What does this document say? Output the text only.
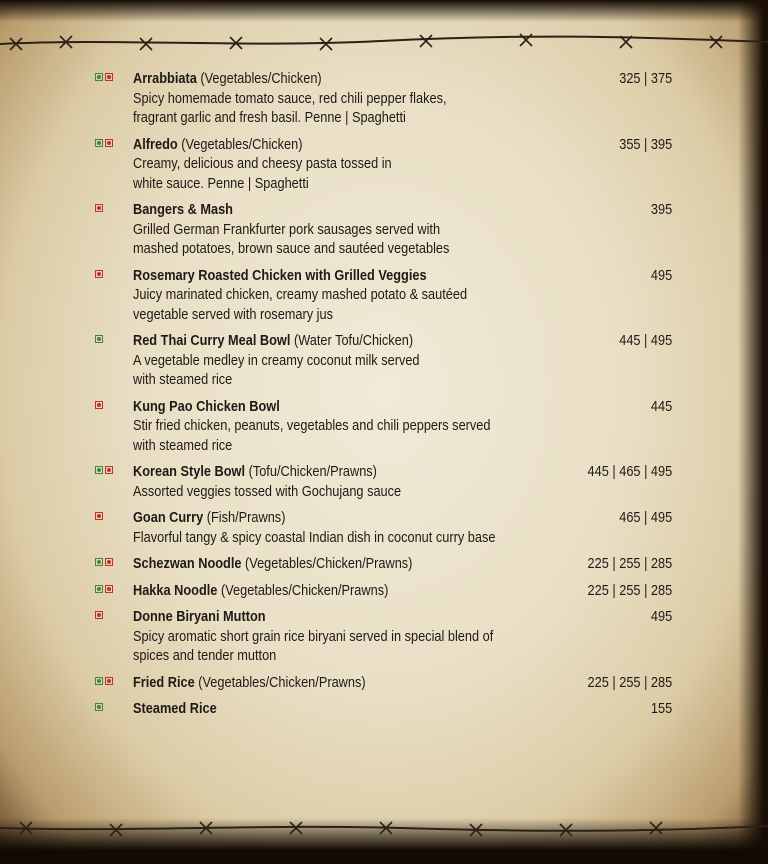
Arrabbiata (Vegetables/Chicken)
Spicy homemade tomato sauce, red chili pepper flakes,
fragrant garlic and fresh basil. Penne | Spaghetti
325 | 375
Alfredo (Vegetables/Chicken)
Creamy, delicious and cheesy pasta tossed in
white sauce. Penne | Spaghetti
355 | 395
Bangers & Mash
Grilled German Frankfurter pork sausages served with
mashed potatoes, brown sauce and sautéed vegetables
395
Rosemary Roasted Chicken with Grilled Veggies
Juicy marinated chicken, creamy mashed potato & sautéed
vegetable served with rosemary jus
495
Red Thai Curry Meal Bowl (Water Tofu/Chicken)
A vegetable medley in creamy coconut milk served
with steamed rice
445 | 495
Kung Pao Chicken Bowl
Stir fried chicken, peanuts, vegetables and chili peppers served
with steamed rice
445
Korean Style Bowl (Tofu/Chicken/Prawns)
Assorted veggies tossed with Gochujang sauce
445 | 465 | 495
Goan Curry (Fish/Prawns)
Flavorful tangy & spicy coastal Indian dish in coconut curry base
465 | 495
Schezwan Noodle (Vegetables/Chicken/Prawns)	225 | 255 | 285
Hakka Noodle (Vegetables/Chicken/Prawns)	225 | 255 | 285
Donne Biryani Mutton
Spicy aromatic short grain rice biryani served in special blend of
spices and tender mutton
495
Fried Rice (Vegetables/Chicken/Prawns)	225 | 255 | 285
Steamed Rice	155
